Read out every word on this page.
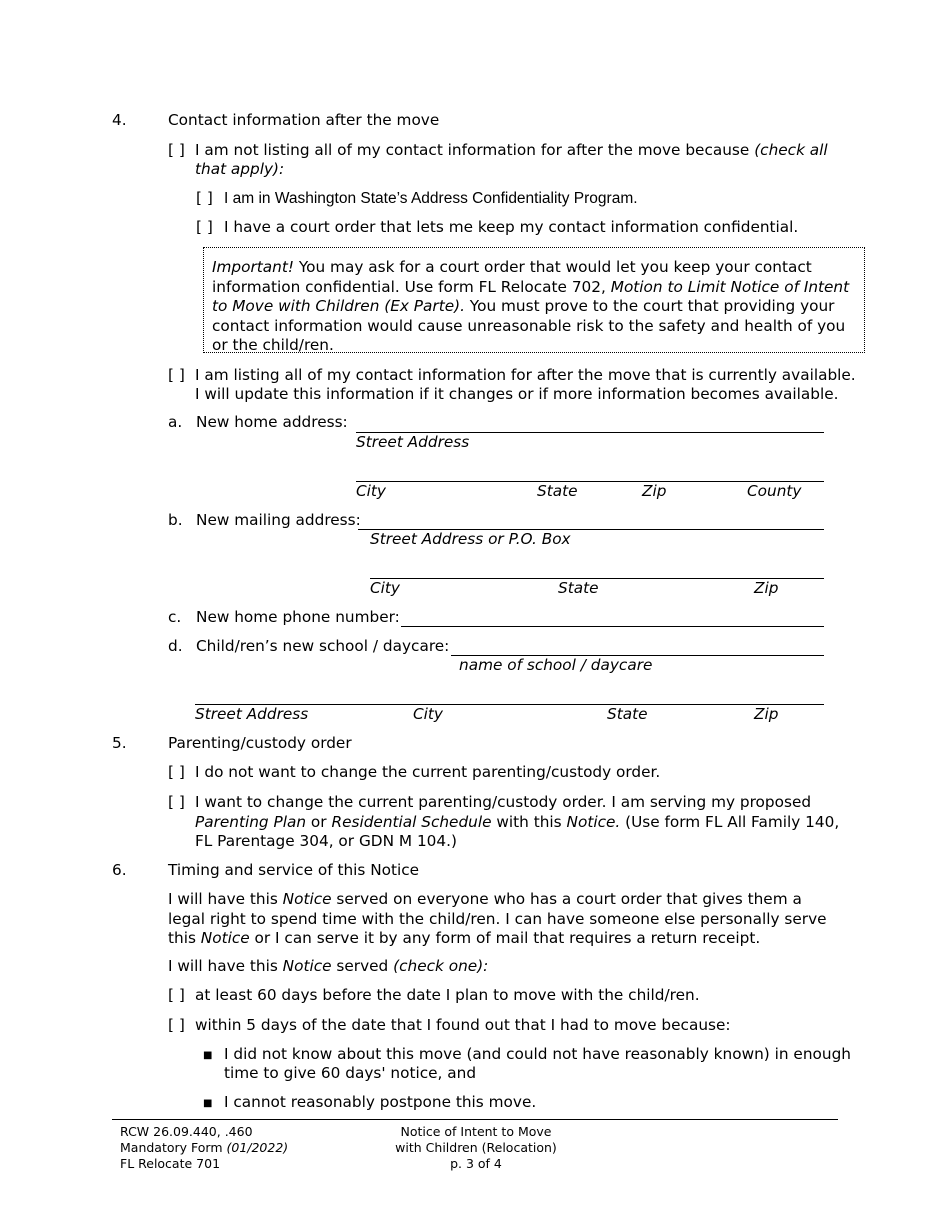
4.	Contact information after the move
[ ] I am not listing all of my contact information for after the move because (check all
that apply):
[ ] I am in Washington State’s Address Confidentiality Program.
[ ] I have a court order that lets me keep my contact information confidential.
Important! You may ask for a court order that would let you keep your contact information confidential. Use form FL Relocate 702, Motion to Limit Notice of Intent to Move with Children (Ex Parte). You must prove to the court that providing your contact information would cause unreasonable risk to the safety and health of you or the child/ren.
[ ] I am listing all of my contact information for after the move that is currently available.
I will update this information if it changes or if more information becomes available.
a. New home address:
Street Address
City	State	Zip	County
b. New mailing address:
Street Address or P.O. Box
City	State	Zip
c. New home phone number:
d. Child/ren’s new school / daycare:
name of school / daycare
Street Address	City	State	Zip
5.	Parenting/custody order
[ ] I do not want to change the current parenting/custody order.
[ ] I want to change the current parenting/custody order. I am serving my proposed Parenting Plan or Residential Schedule with this Notice. (Use form FL All Family 140, FL Parentage 304, or GDN M 104.)
6.	Timing and service of this Notice
I will have this Notice served on everyone who has a court order that gives them a legal right to spend time with the child/ren. I can have someone else personally serve this Notice or I can serve it by any form of mail that requires a return receipt.
I will have this Notice served (check one):
[ ] at least 60 days before the date I plan to move with the child/ren.
[ ] within 5 days of the date that I found out that I had to move because:
■ I did not know about this move (and could not have reasonably known) in enough
time to give 60 days' notice, and
■ I cannot reasonably postpone this move.
RCW 26.09.440, .460
Mandatory Form (01/2022)
FL Relocate 701
Notice of Intent to Move
with Children (Relocation)
p. 3 of 4
